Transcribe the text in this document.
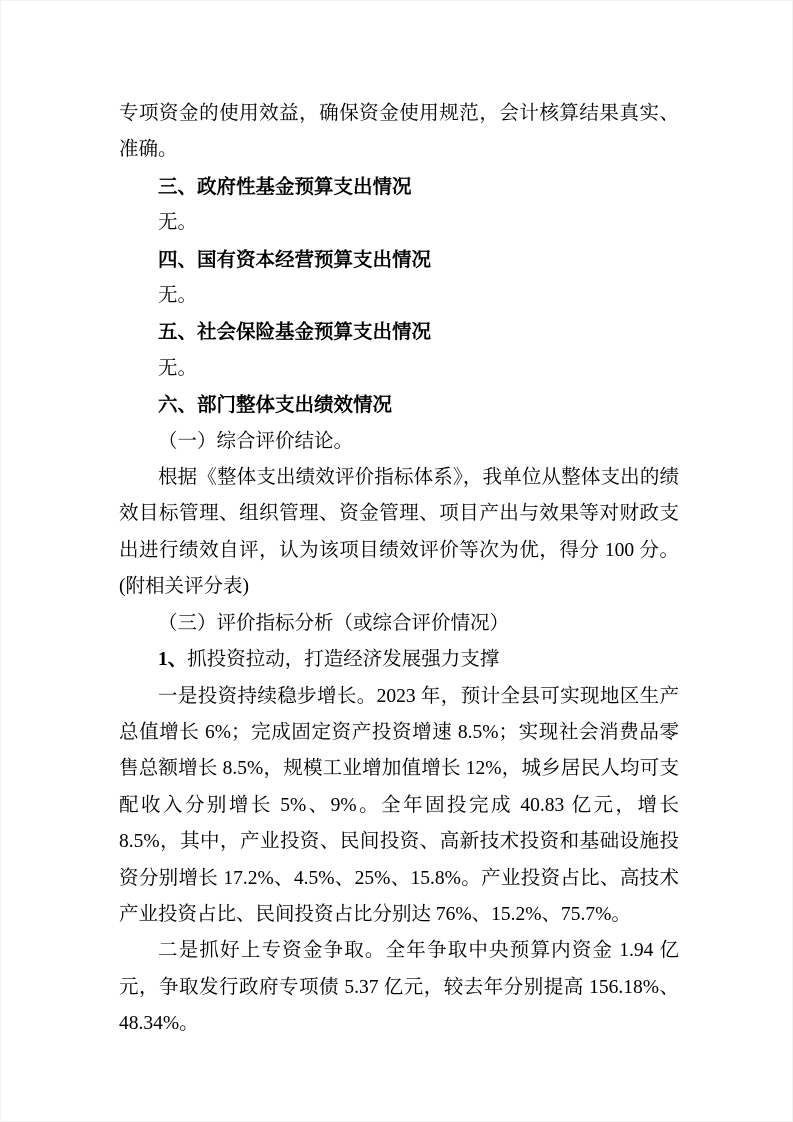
专项资金的使用效益，确保资金使用规范，会计核算结果真实、准确。

三、政府性基金预算支出情况

无。

四、国有资本经营预算支出情况

无。

五、社会保险基金预算支出情况

无。

六、部门整体支出绩效情况

（一）综合评价结论。

根据《整体支出绩效评价指标体系》，我单位从整体支出的绩效目标管理、组织管理、资金管理、项目产出与效果等对财政支出进行绩效自评，认为该项目绩效评价等次为优，得分 100 分。(附相关评分表)

（三）评价指标分析（或综合评价情况）

1、抓投资拉动，打造经济发展强力支撑

一是投资持续稳步增长。2023 年，预计全县可实现地区生产总值增长 6%；完成固定资产投资增速 8.5%；实现社会消费品零售总额增长 8.5%，规模工业增加值增长 12%，城乡居民人均可支配收入分别增长 5%、9%。全年固投完成 40.83 亿元，增长 8.5%，其中，产业投资、民间投资、高新技术投资和基础设施投资分别增长 17.2%、4.5%、25%、15.8%。产业投资占比、高技术产业投资占比、民间投资占比分别达 76%、15.2%、75.7%。

二是抓好上专资金争取。全年争取中央预算内资金 1.94 亿元，争取发行政府专项债 5.37 亿元，较去年分别提高 156.18%、48.34%。
